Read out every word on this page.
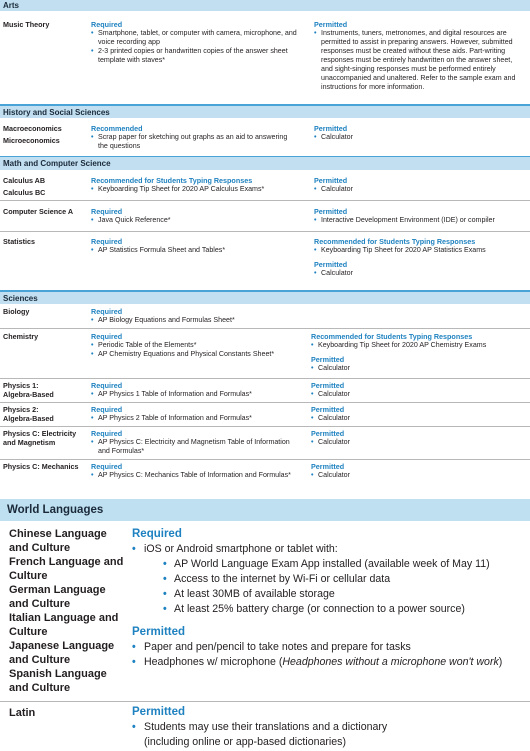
Arts
Music Theory	Required
• Smartphone, tablet, or computer with camera, microphone, and voice recording app
• 2-3 printed copies or handwritten copies of the answer sheet template with staves*
Permitted
• Instruments, tuners, metronomes, and digital resources are permitted to assist in preparing answers. However, submitted responses must be created without these aids. Part-writing responses must be entirely handwritten on the answer sheet, and sight-singing responses must be performed entirely unaccompanied and unaltered. Refer to the sample exam and instructions for more information.
History and Social Sciences
Macroeconomics
Microeconomics
Recommended
• Scrap paper for sketching out graphs as an aid to answering the questions
Permitted
• Calculator
Math and Computer Science
Calculus AB
Calculus BC
Recommended for Students Typing Responses
• Keyboarding Tip Sheet for 2020 AP Calculus Exams*
Permitted
• Calculator
Computer Science A Required
• Java Quick Reference*
Permitted
• Interactive Development Environment (IDE) or compiler
Statistics	Required
• AP Statistics Formula Sheet and Tables*
Recommended for Students Typing Responses
• Keyboarding Tip Sheet for 2020 AP Statistics Exams
Permitted
• Calculator
Sciences
Biology	Required
• AP Biology Equations and Formulas Sheet*
Chemistry	Required
• Periodic Table of the Elements*
• AP Chemistry Equations and Physical Constants Sheet*
Recommended for Students Typing Responses
• Keyboarding Tip Sheet for 2020 AP Chemistry Exams
Permitted
• Calculator
Physics 1:
Algebra-Based
Required
• AP Physics 1 Table of Information and Formulas*
Permitted
• Calculator
Physics 2:
Algebra-Based
Required
• AP Physics 2 Table of Information and Formulas*
Permitted
• Calculator
Physics C: Electricity
and Magnetism
Required
• AP Physics C: Electricity and Magnetism Table of Information and Formulas*
Permitted
• Calculator
Physics C: Mechanics Required
• AP Physics C: Mechanics Table of Information and Formulas*
Permitted
• Calculator
World Languages
Chinese Language and Culture
French Language and Culture
German Language and Culture
Italian Language and Culture
Japanese Language and Culture
Spanish Language and Culture
Required
• iOS or Android smartphone or tablet with:
• AP World Language Exam App installed (available week of May 11)
• Access to the internet by Wi-Fi or cellular data
• At least 30MB of available storage
• At least 25% battery charge (or connection to a power source)
Permitted
• Paper and pen/pencil to take notes and prepare for tasks
• Headphones w/ microphone (Headphones without a microphone won't work)
Latin	Permitted
• Students may use their translations and a dictionary (including online or app-based dictionaries)
